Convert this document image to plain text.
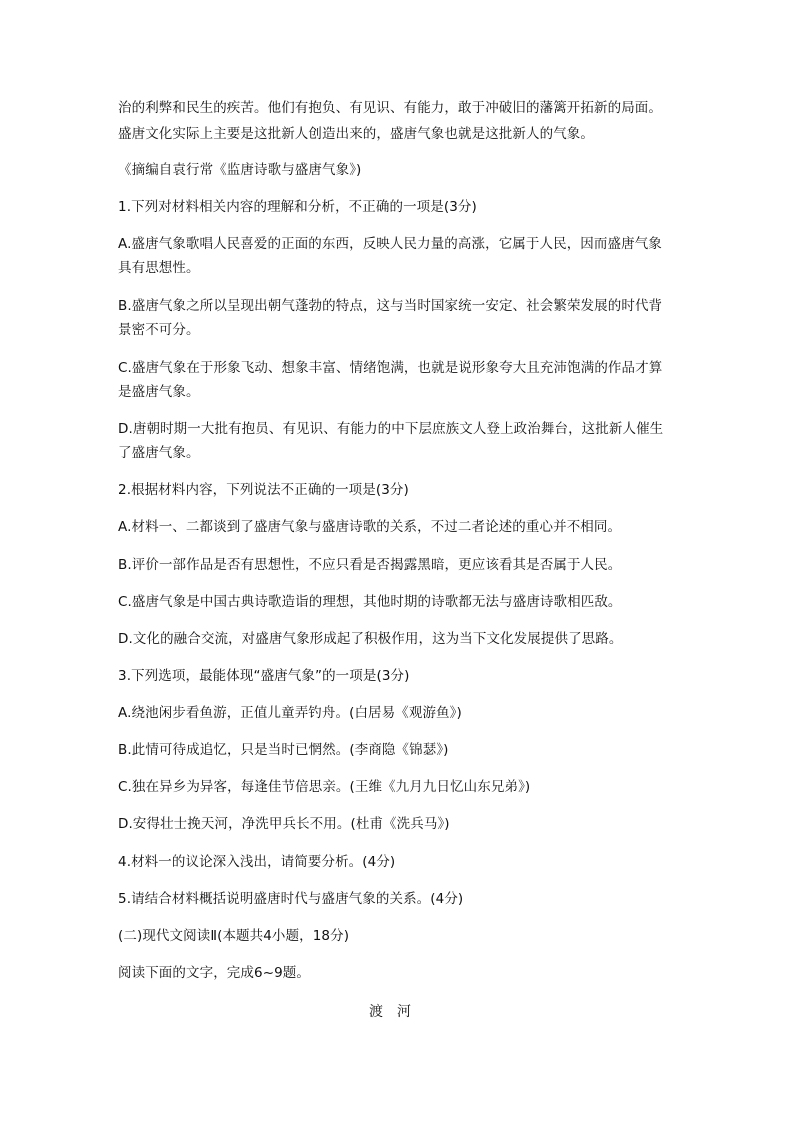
治的利弊和民生的疾苦。他们有抱负、有见识、有能力，敢于冲破旧的藩篱开拓新的局面。
盛唐文化实际上主要是这批新人创造出来的，盛唐气象也就是这批新人的气象。
《摘编自袁行常《监唐诗歌与盛唐气象》)
1.下列对材料相关内容的理解和分析，不正确的一项是(3分)
A.盛唐气象歌唱人民喜爱的正面的东西，反映人民力量的高涨，它属于人民，因而盛唐气象
具有思想性。
B.盛唐气象之所以呈现出朝气蓬勃的特点，这与当时国家统一安定、社会繁荣发展的时代背
景密不可分。
C.盛唐气象在于形象飞动、想象丰富、情绪饱满，也就是说形象夸大且充沛饱满的作品才算
是盛唐气象。
D.唐朝时期一大批有抱员、有见识、有能力的中下层庶族文人登上政治舞台，这批新人催生
了盛唐气象。
2.根据材料内容，下列说法不正确的一项是(3分)
A.材料一、二都谈到了盛唐气象与盛唐诗歌的关系，不过二者论述的重心并不相同。
B.评价一部作品是否有思想性，不应只看是否揭露黑暗，更应该看其是否属于人民。
C.盛唐气象是中国古典诗歌造诣的理想，其他时期的诗歌都无法与盛唐诗歌相匹敌。
D.文化的融合交流，对盛唐气象形成起了积极作用，这为当下文化发展提供了思路。
3.下列选项，最能体现“盛唐气象”的一项是(3分)
A.绕池闲步看鱼游，正值儿童弄钓舟。(白居易《观游鱼》)
B.此情可待成追忆，只是当时已惘然。(李商隐《锦瑟》)
C.独在异乡为异客，每逢佳节倍思亲。(王维《九月九日忆山东兄弟》)
D.安得壮士挽天河，净洗甲兵长不用。(杜甫《洗兵马》)
4.材料一的议论深入浅出，请简要分析。(4分)
5.请结合材料概括说明盛唐时代与盛唐气象的关系。(4分)
(二)现代文阅读Ⅱ(本题共4小题，18分)
阅读下面的文字，完成6~9题。
渡河
